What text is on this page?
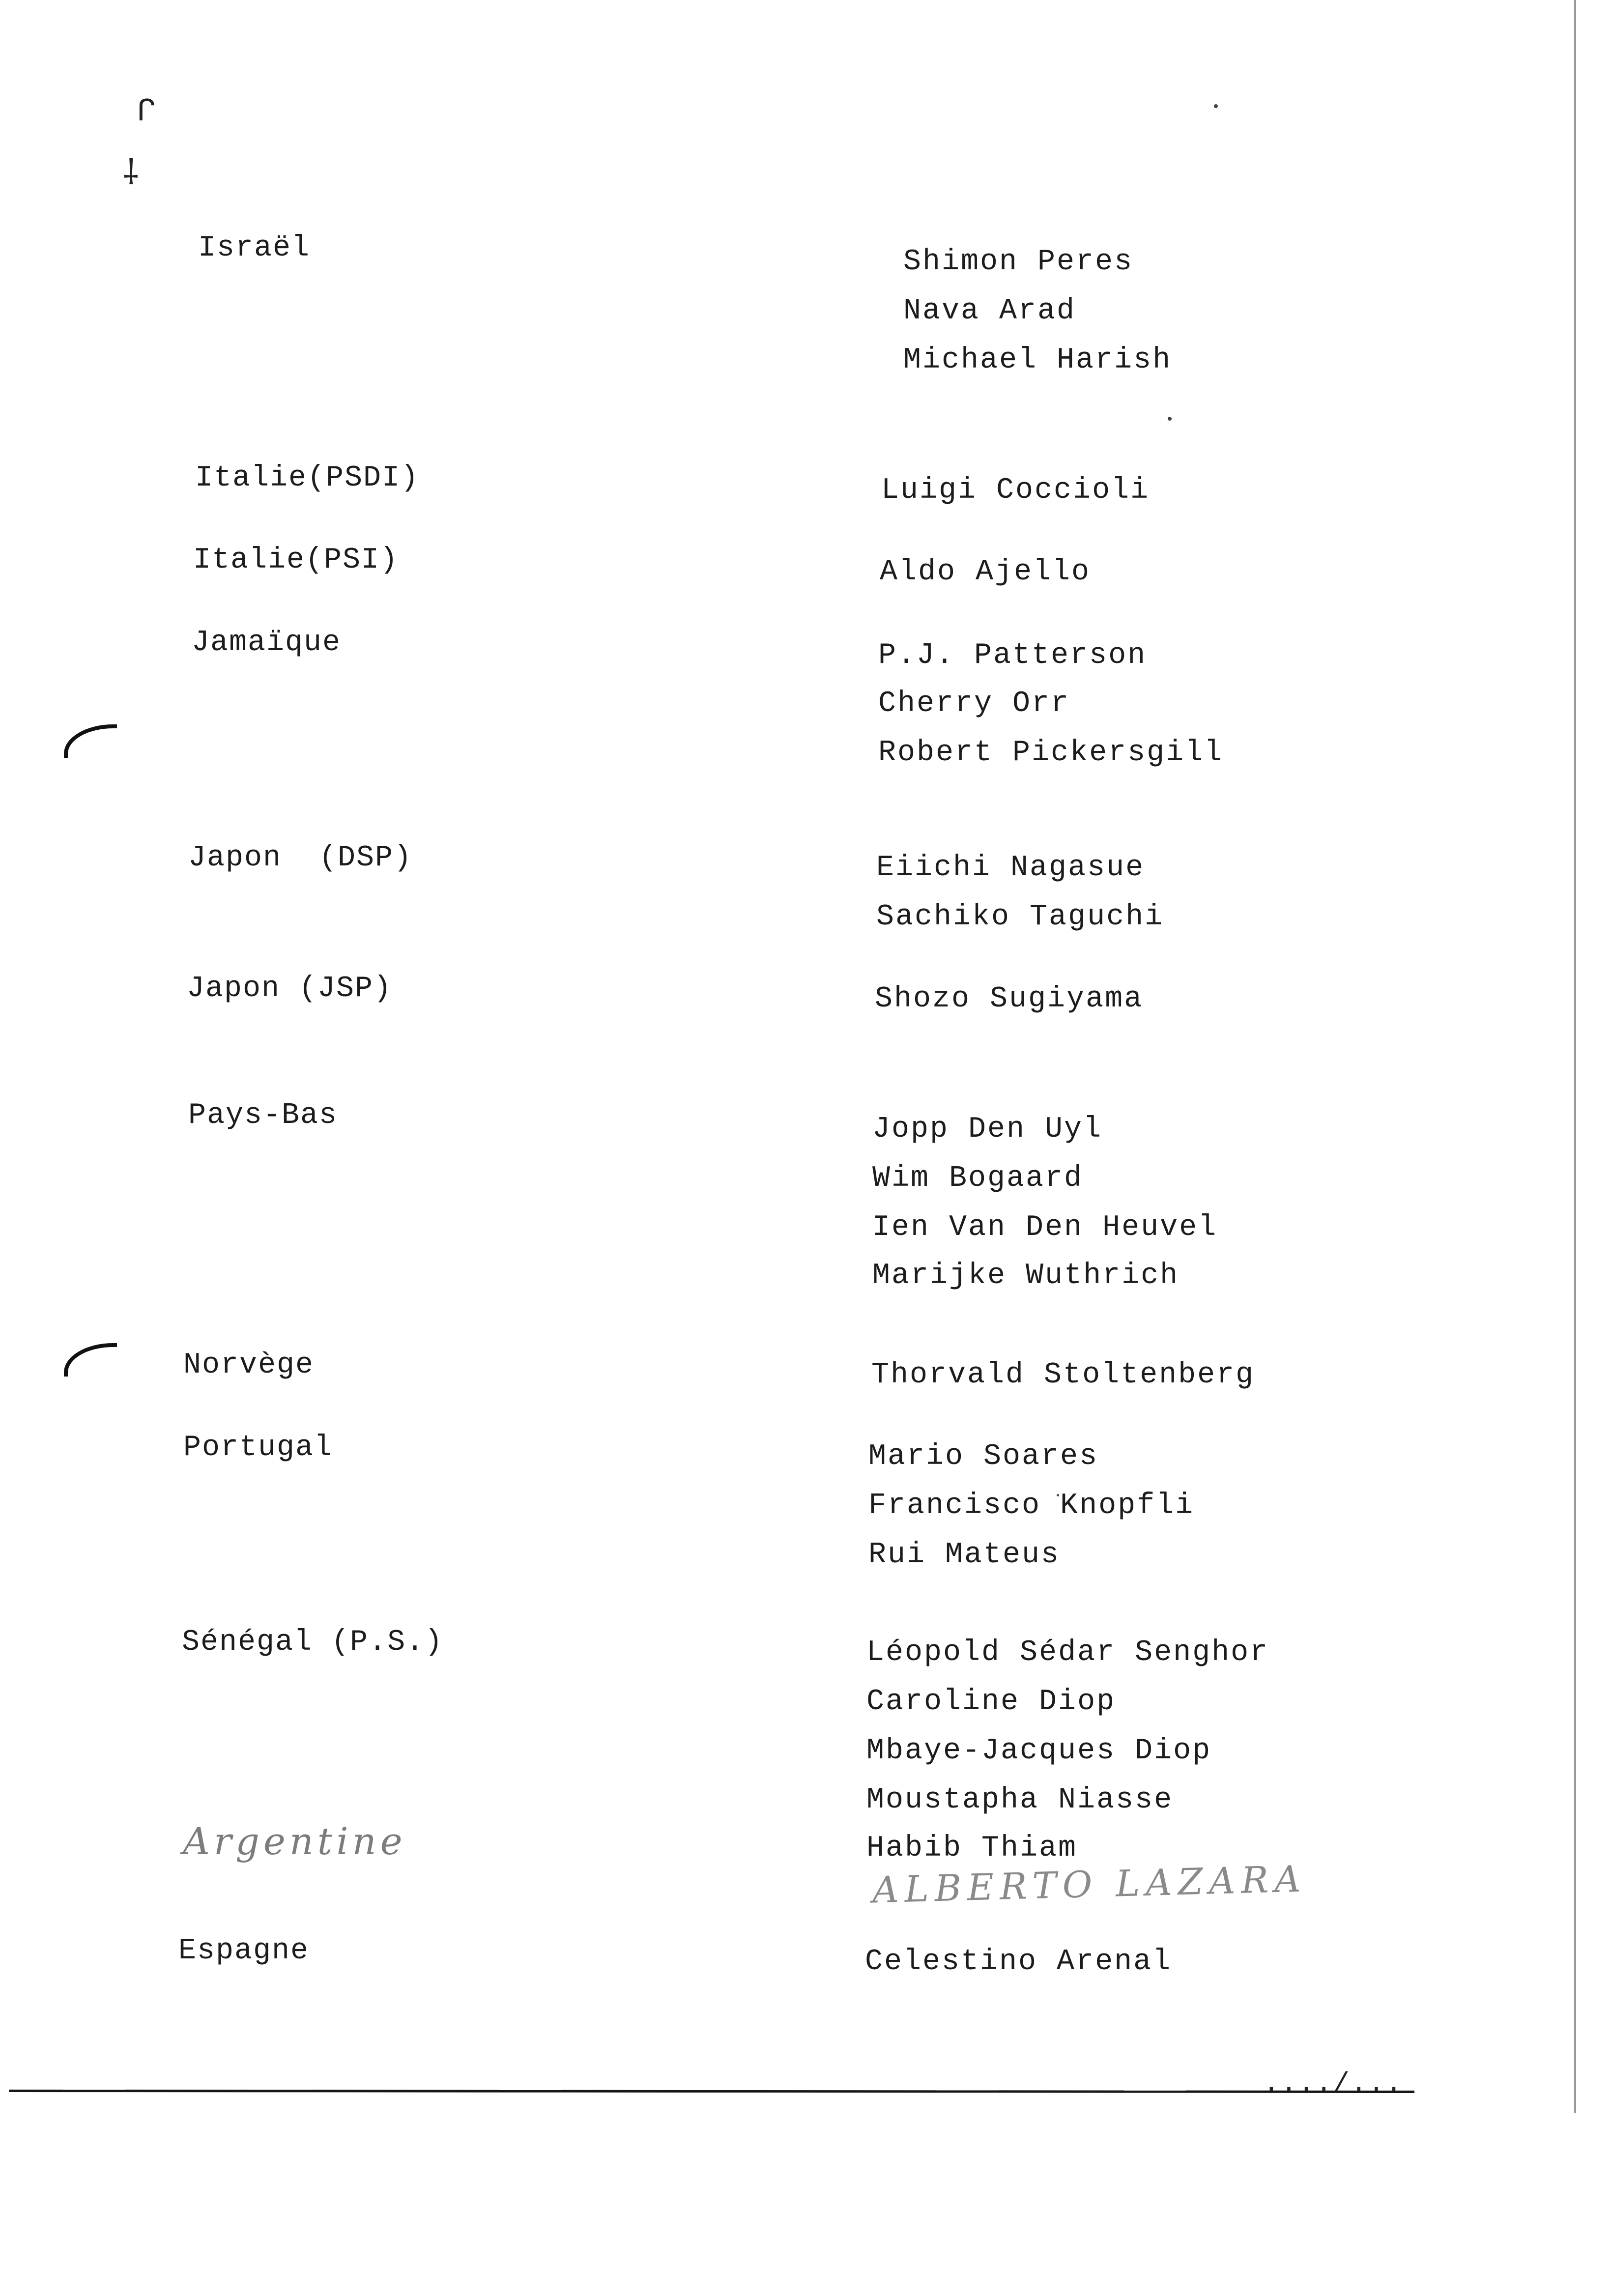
ᒋ
⸸
Israël	Shimon Peres
Nava Arad
Michael Harish
Italie(PSDI)	Luigi Coccioli
Italie(PSI)	Aldo Ajello
Jamaïque	P.J. Patterson
Cherry Orr
Robert Pickersgill
Japon  (DSP)	Eiichi Nagasue
Sachiko Taguchi
Japon (JSP)	Shozo Sugiyama
Pays-Bas	Jopp Den Uyl
Wim Bogaard
Ien Van Den Heuvel
Marijke Wuthrich
Norvège	Thorvald Stoltenberg
Portugal	Mario Soares
Francisco Knopfli
Rui Mateus
Sénégal (P.S.)	Léopold Sédar Senghor
Caroline Diop
Mbaye-Jacques Diop
Moustapha Niasse
Habib Thiam
Argentine
ALBERTO LAZARA
Espagne	Celestino Arenal
..../...
